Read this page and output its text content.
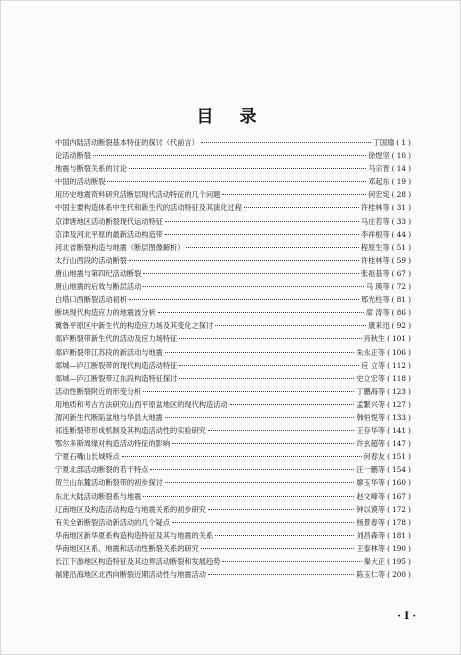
目 录
中国内陆活动断裂基本特征的探讨（代前言）	丁国瑜 ( 1 )
论活动断裂	徐煜坚 ( 10 )
地震与断裂关系的讨论	马宗晋 ( 14 )
中国的活动断裂	邓起东 ( 19 )
用历史地震资料研究活断层现代活动特征的几个问题	何宏宪 ( 28 )
中国主要构造体系中生代和新生代的活动特征及其演化过程	许桂林等 ( 31 )
京津唐地区活动断裂现代运动特征	马庄若等 ( 33 )
京津及河北平原的最新活动构造带	李祥根等 ( 44 )
河北省断裂构造与地震（断层图像解析）	程原生等 ( 51 )
太行山西段的活动断裂	许桂林等 ( 59 )
唐山地震与第四纪活动断裂	张祖基等 ( 67 )
唐山地震的后效与断层活动	马 瑛等 ( 72 )
白塔口西断裂活动初析	邢光柱等 ( 81 )
断块现代构造应力的地震波分析	席 涛等 ( 86 )
冀鲁平原区中新生代的构造应力场及其变化之探讨	康来迅 ( 92 )
郯庐断裂带新生代的活动及应力场特征	肖秋生 ( 101 )
郯庐断裂带江苏段的新活动与地震	朱永正等 ( 106 )
郯城—庐江断裂带的现代构造活动特征	应 立等 ( 112 )
郯城—庐江断裂带辽东段构造特征探讨	史立宏等 ( 118 )
活动性断裂附近的形变分析	丁鹏海等 ( 123 )
用地质和考古方法研究山西平原盆地区的现代构造活动	孟繁兴等 ( 127 )
渭河新生代断陷盆地与华县大地震	韩恒悦等 ( 133 )
祁连断裂带形成机制及其构造活动性的实验研究	王存华等 ( 141 )
鄂尔多斯周缘对构造活动特征的影响	许玄超等 ( 147 )
宁夏石嘴山长城特点	何春友 ( 151 )
宁夏北部活动断裂的若干特点	汪一鹏等 ( 154 )
贺兰山东麓活动断裂带的初步探讨	廖玉华等 ( 160 )
东北大陆活动断裂系与地震	赵文峰等 ( 167 )
辽南地区及构造活动构造与地震关系的初步研究	钟以谟等 ( 172 )
有关全新断裂活动新活动的几个疑点	杨景春等 ( 178 )
华南地区新华夏系构造构造特征及其与地震的关系	刘昌森等 ( 181 )
华南地区区系、地震和活动性断裂关系的研究	王泰林等 ( 190 )
长江下游地区构造特征及其边界活动断裂和发展趋势	秦大正 ( 195 )
福建沿海地区北西向断裂近期活动性与地震活动	陈玉仁等 ( 200 )
· I ·
